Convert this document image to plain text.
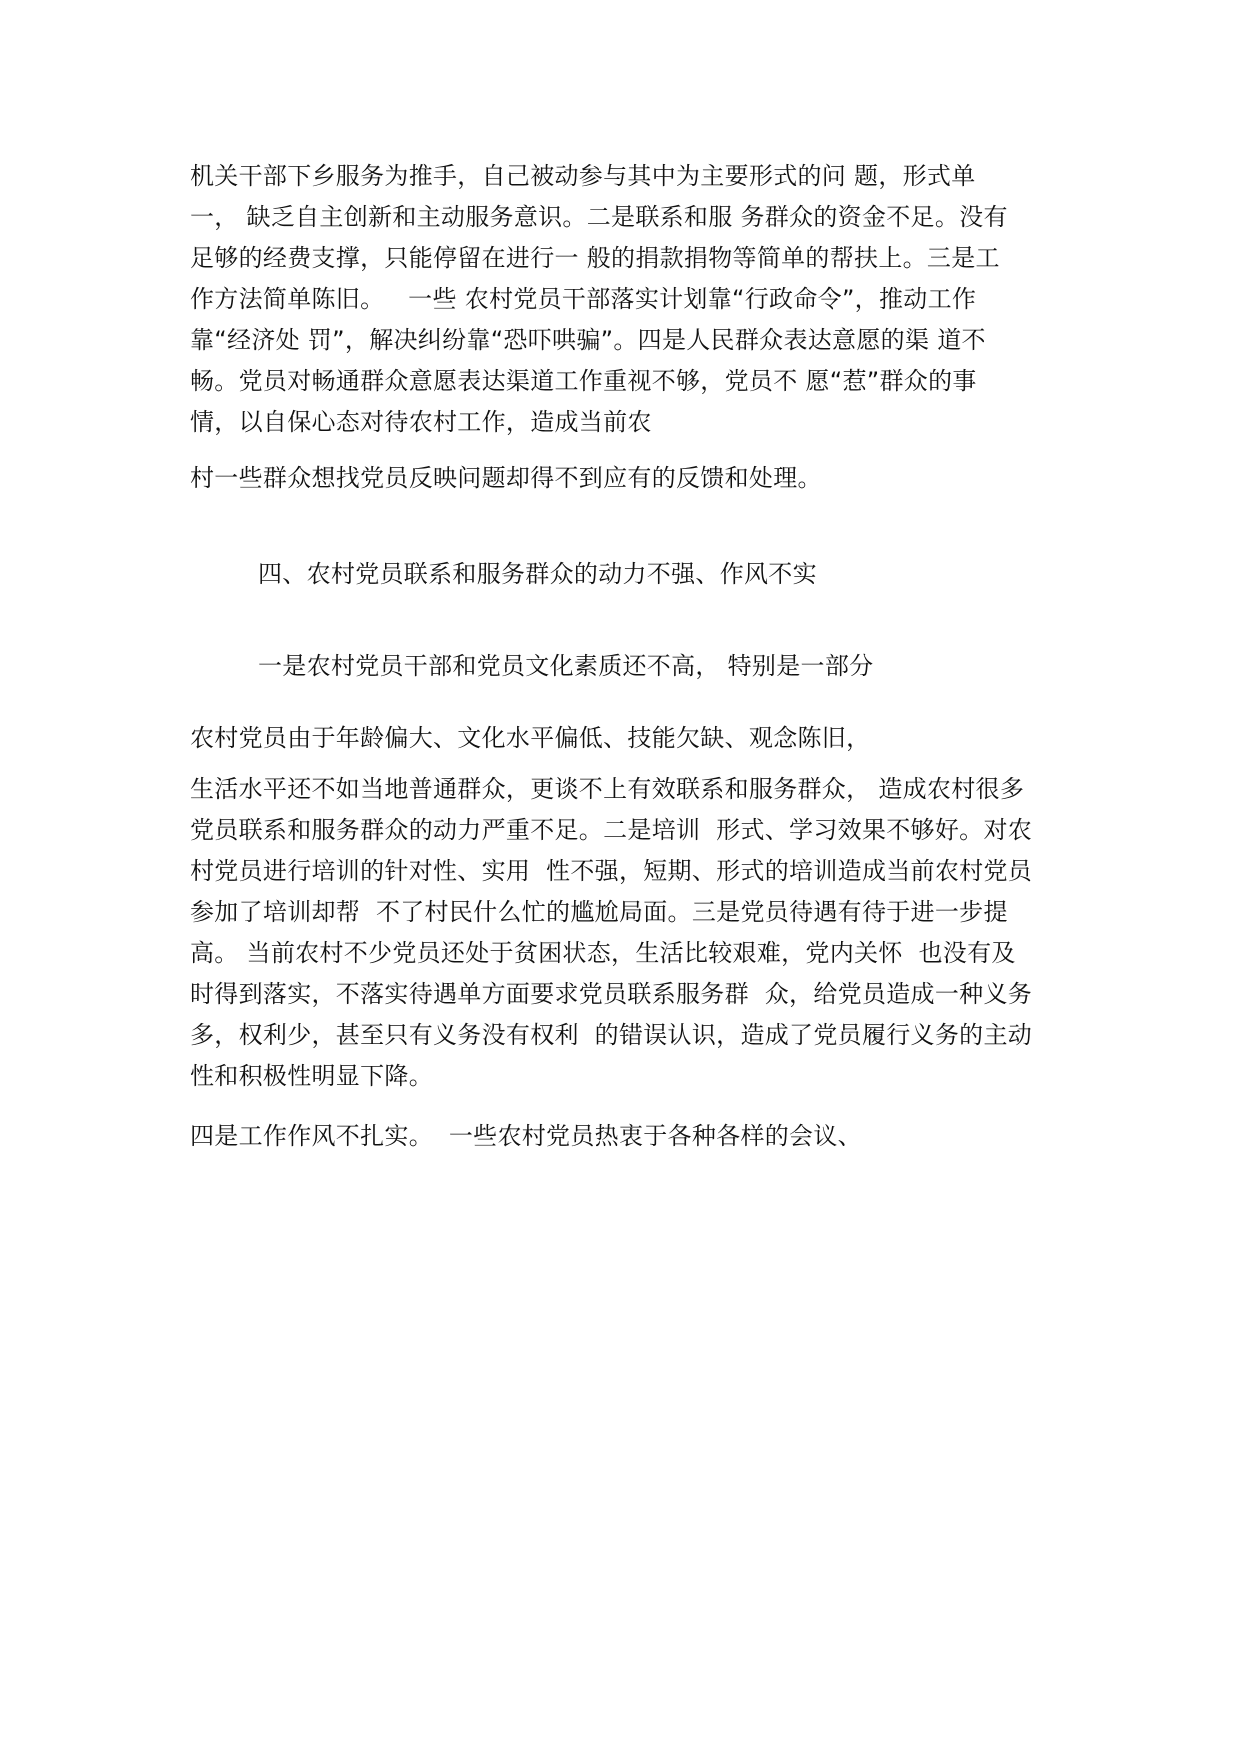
机关干部下乡服务为推手，自己被动参与其中为主要形式的问 题，形式单
一， 缺乏自主创新和主动服务意识。二是联系和服 务群众的资金不足。没有
足够的经费支撑，只能停留在进行一 般的捐款捐物等简单的帮扶上。三是工
作方法简单陈旧。   一些 农村党员干部落实计划靠“行政命令”，推动工作
靠“经济处 罚”，解决纠纷靠“恐吓哄骗”。四是人民群众表达意愿的渠 道不
畅。党员对畅通群众意愿表达渠道工作重视不够，党员不 愿“惹”群众的事
情，以自保心态对待农村工作，造成当前农
村一些群众想找党员反映问题却得不到应有的反馈和处理。
四、农村党员联系和服务群众的动力不强、作风不实
一是农村党员干部和党员文化素质还不高， 特别是一部分
农村党员由于年龄偏大、文化水平偏低、技能欠缺、观念陈旧，
生活水平还不如当地普通群众，更谈不上有效联系和服务群众， 造成农村很多
党员联系和服务群众的动力严重不足。二是培训  形式、学习效果不够好。对农
村党员进行培训的针对性、实用  性不强，短期、形式的培训造成当前农村党员
参加了培训却帮  不了村民什么忙的尴尬局面。三是党员待遇有待于进一步提
高。 当前农村不少党员还处于贫困状态，生活比较艰难，党内关怀  也没有及
时得到落实，不落实待遇单方面要求党员联系服务群  众，给党员造成一种义务
多，权利少，甚至只有义务没有权利  的错误认识，造成了党员履行义务的主动
性和积极性明显下降。
四是工作作风不扎实。  一些农村党员热衷于各种各样的会议、
